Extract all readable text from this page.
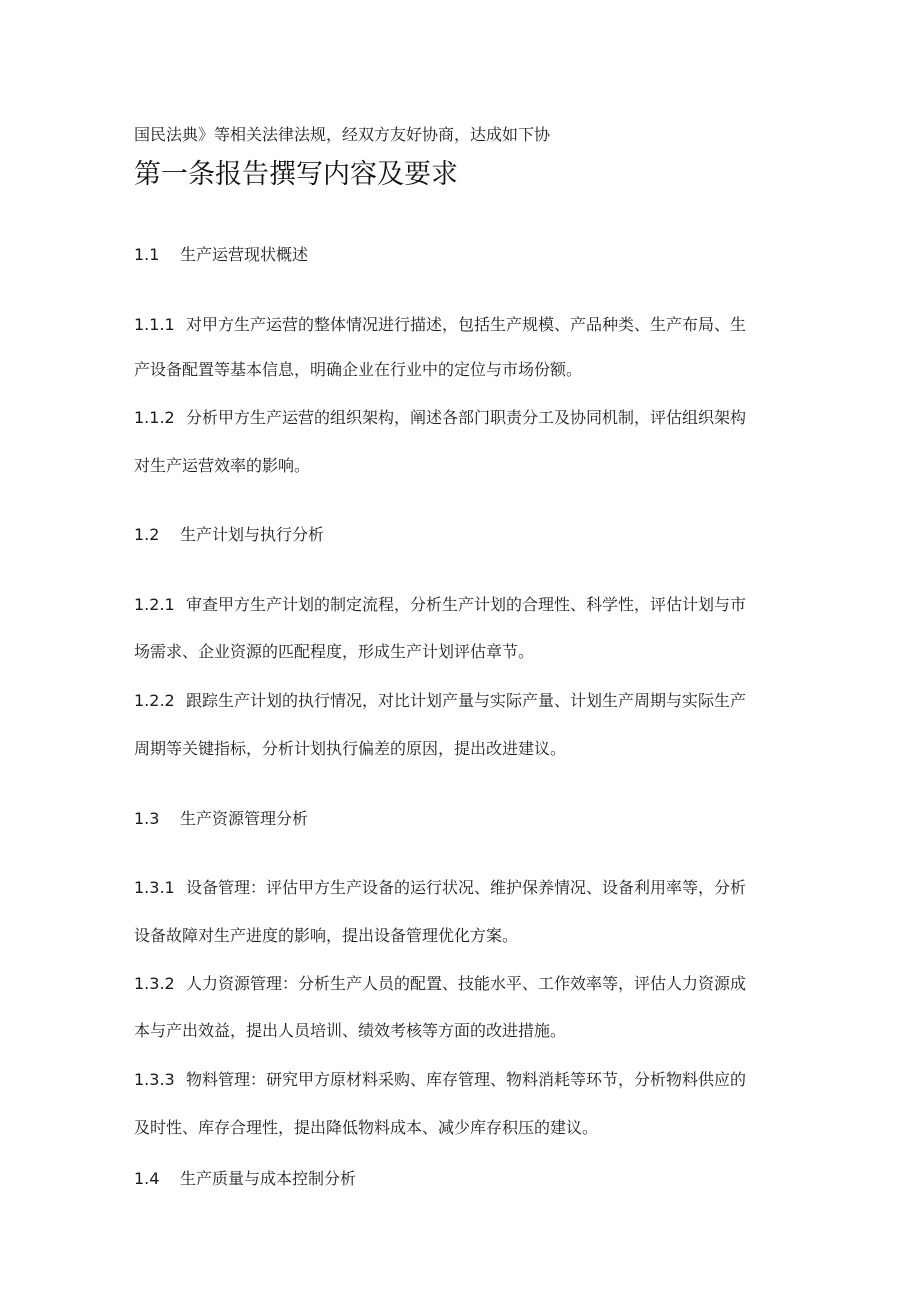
国民法典》等相关法律法规，经双方友好协商，达成如下协
第一条报告撰写内容及要求
1.1 生产运营现状概述
1.1.1 对甲方生产运营的整体情况进行描述，包括生产规模、产品种类、生产布局、生
产设备配置等基本信息，明确企业在行业中的定位与市场份额。
1.1.2 分析甲方生产运营的组织架构，阐述各部门职责分工及协同机制，评估组织架构
对生产运营效率的影响。
1.2 生产计划与执行分析
1.2.1 审查甲方生产计划的制定流程，分析生产计划的合理性、科学性，评估计划与市
场需求、企业资源的匹配程度，形成生产计划评估章节。
1.2.2 跟踪生产计划的执行情况，对比计划产量与实际产量、计划生产周期与实际生产
周期等关键指标，分析计划执行偏差的原因，提出改进建议。
1.3 生产资源管理分析
1.3.1 设备管理：评估甲方生产设备的运行状况、维护保养情况、设备利用率等，分析
设备故障对生产进度的影响，提出设备管理优化方案。
1.3.2 人力资源管理：分析生产人员的配置、技能水平、工作效率等，评估人力资源成
本与产出效益，提出人员培训、绩效考核等方面的改进措施。
1.3.3 物料管理：研究甲方原材料采购、库存管理、物料消耗等环节，分析物料供应的
及时性、库存合理性，提出降低物料成本、减少库存积压的建议。
1.4 生产质量与成本控制分析
